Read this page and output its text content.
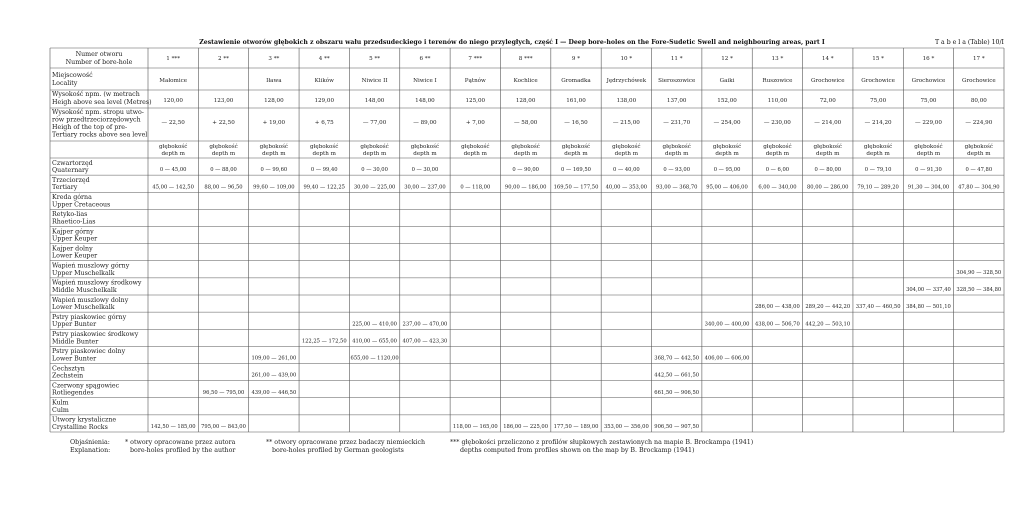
Zestawienie otworów głębokich z obszaru wału przedsudeckiego i terenów do niego przyległych, część I — Deep bore-holes on the Fore-Sudetic Swell and neighbouring areas, part I	T a b e l a (Table) 10/I
Numer otworu
Number of bore-hole
Miejscowość
Locality
Wysokość npm. (w metrach
Heigh above sea level (Metres)
Wysokość npm. stropu utwo-
rów przedtrzeciorzędowych
Heigh of the top of pre-
Tertiary rocks above sea level
Czwartorzęd
Quaternary
Trzeciorzęd
Tertiary
Kreda górna
Upper Cretaceous
Retyko-lias
Rhaetico-Lias
Kajper górny
Upper Keuper
Kajper dolny
Lower Keuper
Wapień muszlowy górny
Upper Muschelkalk
Wapień muszlowy środkowy
Middle Muschelkalk
Wapień muszlowy dolny
Lower Muschelkalk
Pstry piaskowiec górny
Upper Bunter
Pstry piaskowiec środkowy
Middle Bunter
Pstry piaskowiec dolny
Lower Bunter
Cechsztyn
Zechstein
Czerwony spągowiec
Rotliegendes
Kulm
Culm
Utwory krystaliczne
Crystalline Rocks
1 ***
Małomice
120,00
— 22,50
głębokość
depth m
0 — 45,00
45,00 — 142,50
142,50 — 185,00
2 **
123,00
+ 22,50
głębokość
depth m
0 — 88,00
88,00 — 96,50
96,50 — 795,00
795,00 — 843,00
3 **
Iława
128,00
+ 19,00
głębokość
depth m
0 — 99,60
99,60 — 109,00
109,00 — 261,00
261,00 — 439,00
439,00 — 446,50
4 **
Klików
129,00
+ 6,75
głębokość
depth m
0 — 99,40
99,40 — 122,25
122,25 — 172,50
5 **
Niwice II
148,00
— 77,00
głębokość
depth m
0 — 30,00
30,00 — 225,00
225,00 — 410,00
410,00 — 655,00
655,00 — 1120,00
6 **
Niwice I
148,00
— 89,00
głębokość
depth m
0 — 30,00
30,00 — 237,00
237,00 — 470,00
407,00 — 423,30
7 ***
Pątnów
125,00
+ 7,00
głębokość
depth m
0 — 118,00
118,00 — 165,00
8 ***
Kochlice
128,00
— 58,00
głębokość
depth m
0 — 90,00
90,00 — 186,00
186,00 — 225,00
9 *
Gromadka
161,00
— 16,50
głębokość
depth m
0 — 169,50
169,50 — 177,50
177,50 — 189,00
10 *
Jędrzychówek
138,00
— 215,00
głębokość
depth m
0 — 40,00
40,00 — 353,00
353,00 — 356,00
11 *
Sieroszowice
137,00
— 231,70
głębokość
depth m
0 — 93,00
93,00 — 368,70
368,70 — 442,50
442,50 — 661,50
661,50 — 906,50
906,50 — 907,50
12 *
Gaiki
152,00
— 254,00
głębokość
depth m
0 — 95,00
95,00 — 406,00
340,00 — 400,00
406,00 — 606,00
13 *
Ruszowice
110,00
— 230,00
głębokość
depth m
0 — 6,00
6,00 — 340,00
286,00 — 438,00
438,00 — 506,70
14 *
Grochowice
72,00
— 214,00
głębokość
depth m
0 — 80,00
80,00 — 286,00
289,20 — 442,20
442,20 — 503,10
15 *
Grochowice
75,00
— 214,20
głębokość
depth m
0 — 79,10
79,10 — 289,20
337,40 — 460,50
16 *
Grochowice
75,00
— 229,00
głębokość
depth m
0 — 91,30
91,30 — 304,00
304,00 — 337,40
384,80 — 501,10
17 *
Grochowice
80,00
— 224,90
głębokość
depth m
0 — 47,80
47,80 — 304,90
304,90 — 328,50
328,50 — 384,80
Objaśnienia:
Explanation:
* otwory opracowane przez autora
bore-holes profiled by the author
** otwory opracowane przez badaczy niemieckich
bore-holes profiled by German geologists
*** głębokości przeliczono z profilów słupkowych zestawionych na mapie B. Brockampa (1941)
depths computed from profiles shown on the map by B. Brockamp (1941)
